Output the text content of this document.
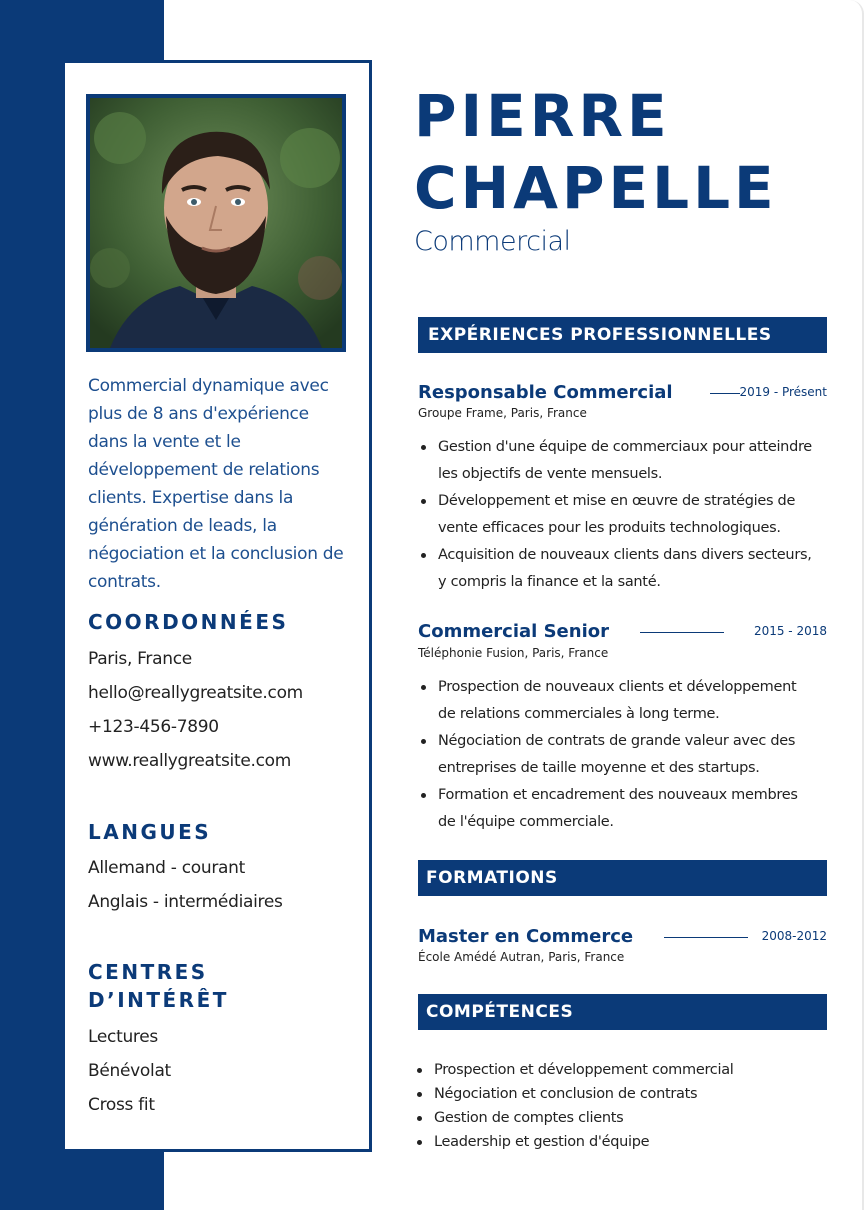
Commercial dynamique avec plus de 8 ans d'expérience dans la vente et le développement de relations clients. Expertise dans la génération de leads, la négociation et la conclusion de contrats.
COORDONNÉES
Paris, France
hello@reallygreatsite.com
+123-456-7890
www.reallygreatsite.com
LANGUES
Allemand - courant
Anglais - intermédiaires
CENTRES
D’INTÉRÊT
Lectures
Bénévolat
Cross fit
PIERRE
CHAPELLE
Commercial
EXPÉRIENCES PROFESSIONNELLES
Responsable Commercial	2019 - Présent
Groupe Frame, Paris, France
Gestion d'une équipe de commerciaux pour atteindre les objectifs de vente mensuels.
Développement et mise en œuvre de stratégies de vente efficaces pour les produits technologiques.
Acquisition de nouveaux clients dans divers secteurs, y compris la finance et la santé.
Commercial Senior	2015 - 2018
Téléphonie Fusion, Paris, France
Prospection de nouveaux clients et développement de relations commerciales à long terme.
Négociation de contrats de grande valeur avec des entreprises de taille moyenne et des startups.
Formation et encadrement des nouveaux membres de l'équipe commerciale.
FORMATIONS
Master en Commerce	2008-2012
École Amédé Autran, Paris, France
COMPÉTENCES
Prospection et développement commercial
Négociation et conclusion de contrats
Gestion de comptes clients
Leadership et gestion d'équipe
